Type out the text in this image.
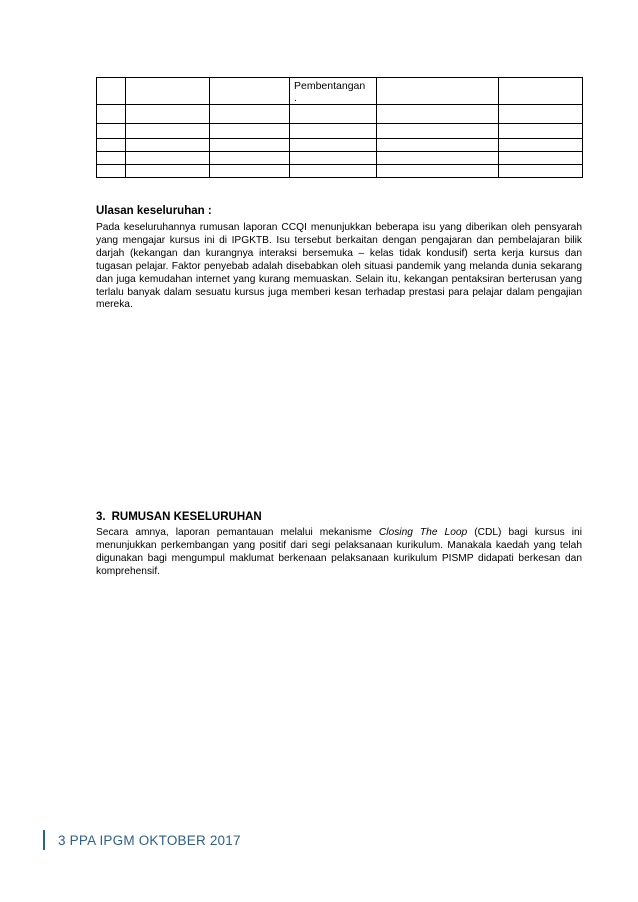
			Pembentangan
.		

Ulasan keseluruhan :
Pada keseluruhannya rumusan laporan CCQI menunjukkan beberapa isu yang diberikan oleh pensyarah yang mengajar kursus ini di IPGKTB. Isu tersebut berkaitan dengan pengajaran dan pembelajaran bilik darjah (kekangan dan kurangnya interaksi bersemuka – kelas tidak kondusif) serta kerja kursus dan tugasan pelajar. Faktor penyebab adalah disebabkan oleh situasi pandemik yang melanda dunia sekarang dan juga kemudahan internet yang kurang memuaskan. Selain itu, kekangan pentaksiran berterusan yang terlalu banyak dalam sesuatu kursus juga memberi kesan terhadap prestasi para pelajar dalam pengajian mereka.
3. RUMUSAN KESELURUHAN
Secara amnya, laporan pemantauan melalui mekanisme Closing The Loop (CDL) bagi kursus ini menunjukkan perkembangan yang positif dari segi pelaksanaan kurikulum. Manakala kaedah yang telah digunakan bagi mengumpul maklumat berkenaan pelaksanaan kurikulum PISMP didapati berkesan dan komprehensif.
3 PPA IPGM OKTOBER 2017
